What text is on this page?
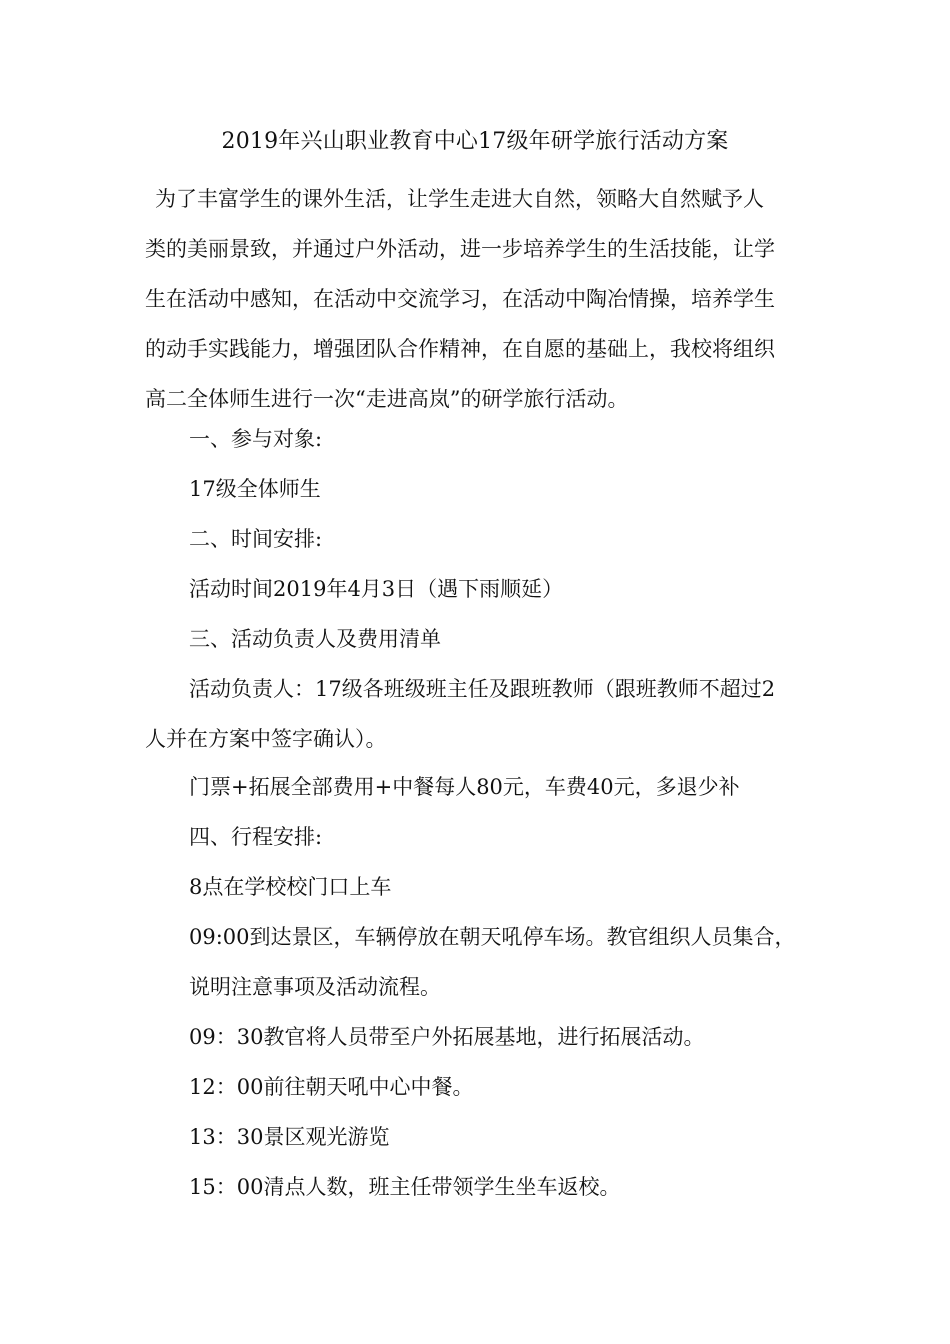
2019年兴山职业教育中心17级年研学旅行活动方案
为了丰富学生的课外生活，让学生走进大自然，领略大自然赋予人
类的美丽景致，并通过户外活动，进一步培养学生的生活技能，让学
生在活动中感知，在活动中交流学习，在活动中陶冶情操，培养学生
的动手实践能力，增强团队合作精神，在自愿的基础上，我校将组织
高二全体师生进行一次“走进高岚”的研学旅行活动。
一、参与对象:
17级全体师生
二、时间安排:
活动时间2019年4月3日（遇下雨顺延）
三、活动负责人及费用清单
活动负责人：17级各班级班主任及跟班教师（跟班教师不超过2
人并在方案中签字确认）。
门票+拓展全部费用+中餐每人80元，车费40元，多退少补
四、行程安排:
8点在学校校门口上车
09:00到达景区，车辆停放在朝天吼停车场。教官组织人员集合，
说明注意事项及活动流程。
09：30教官将人员带至户外拓展基地，进行拓展活动。
12：00前往朝天吼中心中餐。
13：30景区观光游览
15：00清点人数，班主任带领学生坐车返校。
